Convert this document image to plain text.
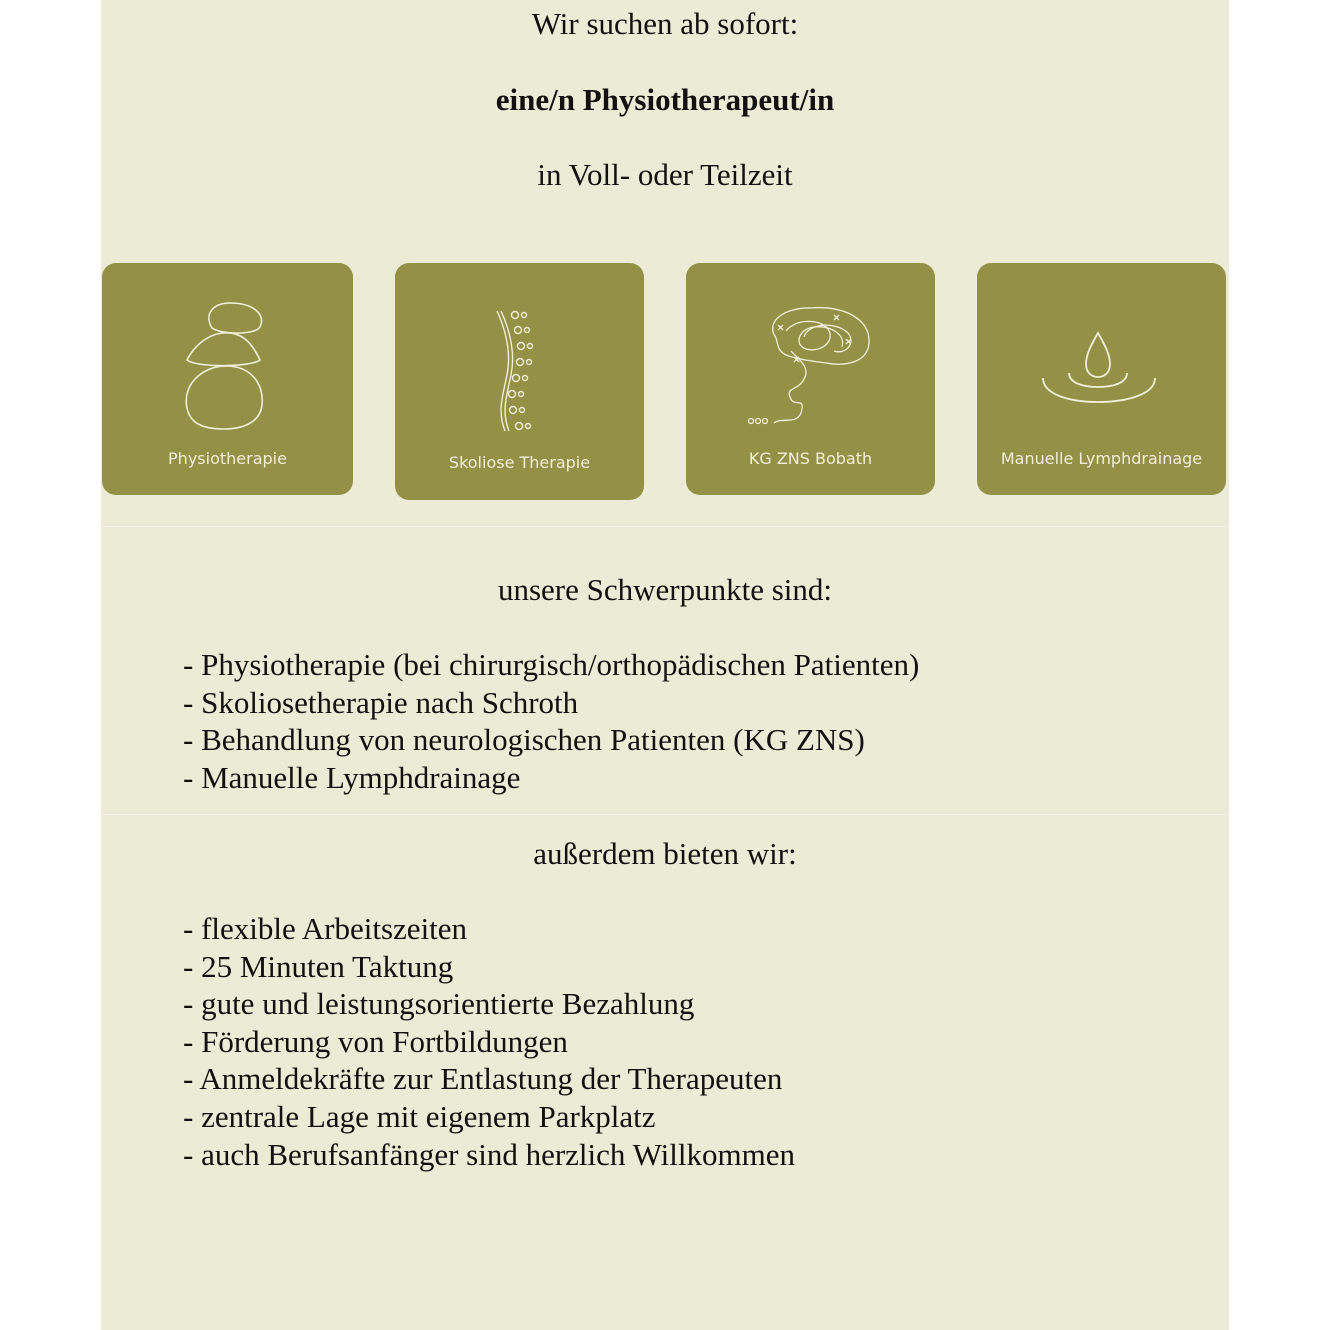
Wir suchen ab sofort:
eine/n Physiotherapeut/in
in Voll- oder Teilzeit
Physiotherapie	Skoliose Therapie	KG ZNS Bobath	Manuelle Lymphdrainage
unsere Schwerpunkte sind:
- Physiotherapie (bei chirurgisch/orthopädischen Patienten)
- Skoliosetherapie nach Schroth
- Behandlung von neurologischen Patienten (KG ZNS)
- Manuelle Lymphdrainage
außerdem bieten wir:
- flexible Arbeitszeiten
- 25 Minuten Taktung
- gute und leistungsorientierte Bezahlung
- Förderung von Fortbildungen
- Anmeldekräfte zur Entlastung der Therapeuten
- zentrale Lage mit eigenem Parkplatz
- auch Berufsanfänger sind herzlich Willkommen
